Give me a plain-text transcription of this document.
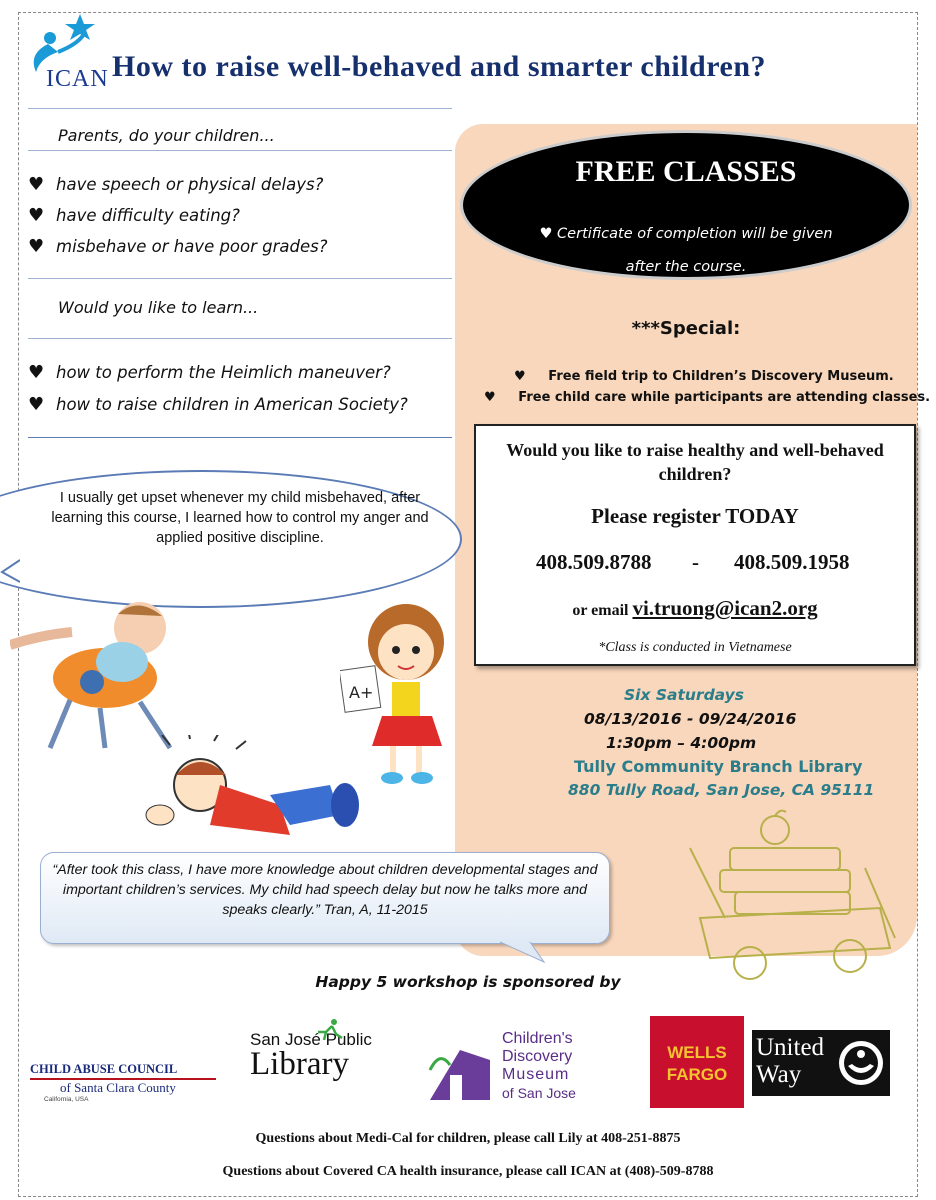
ICAN How to raise well-behaved and smarter children?
Parents, do your children...
♥ have speech or physical delays?
♥ have difficulty eating?
♥ misbehave or have poor grades?
Would you like to learn...
♥ how to perform the Heimlich maneuver?
♥ how to raise children in American Society?
FREE CLASSES
♥ Certificate of completion will be given
after the course.
***Special:
♥ Free field trip to Children’s Discovery Museum.
♥ Free child care while participants are attending classes.
Would you like to raise healthy and well-behaved children?
Please register TODAY
408.509.8788 - 408.509.1958
or email vi.truong@ican2.org
*Class is conducted in Vietnamese
Six Saturdays
08/13/2016 - 09/24/2016
1:30pm – 4:00pm
Tully Community Branch Library
880 Tully Road, San Jose, CA 95111
I usually get upset whenever my child misbehaved, after learning this course, I learned how to control my anger and applied positive discipline.
A+
“After took this class, I have more knowledge about children developmental stages and important children’s services. My child had speech delay but now he talks more and speaks clearly.” Tran, A, 11-2015
Happy 5 workshop is sponsored by
CHILD ABUSE COUNCIL
of Santa Clara County
California, USA
San José Public
Library
Children's
Discovery
Museum
of San Jose
WELLS
FARGO
United
Way
Questions about Medi-Cal for children, please call Lily at 408-251-8875
Questions about Covered CA health insurance, please call ICAN at (408)-509-8788
